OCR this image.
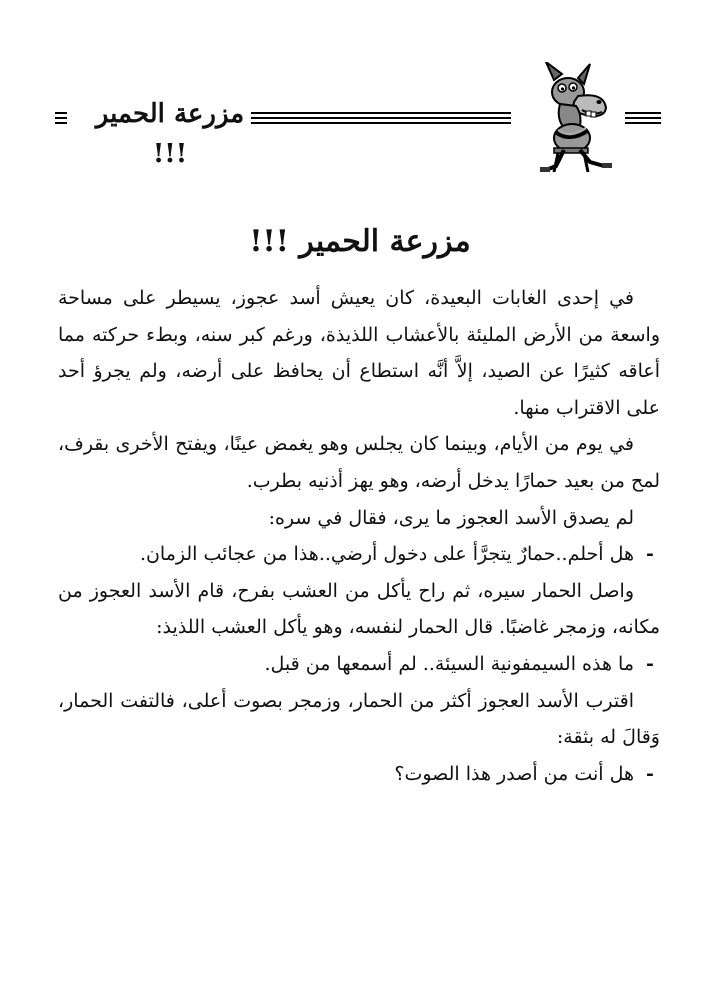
مزرعة الحمير !!!
مزرعة الحمير !!!

في إحدى الغابات البعيدة، كان يعيش أسد عجوز، يسيطر على مساحة واسعة من الأرض المليئة بالأعشاب اللذيذة، ورغم كبر سنه، وبطء حركته مما أعاقه كثيرًا عن الصيد، إلاَّ أنَّه استطاع أن يحافظ على أرضه، ولم يجرؤ أحد على الاقتراب منها.

في يوم من الأيام، وبينما كان يجلس وهو يغمض عينًا، ويفتح الأخرى بقرف، لمح من بعيد حمارًا يدخل أرضه، وهو يهز أذنيه بطرب.

لم يصدق الأسد العجوز ما يرى، فقال في سره:

-
هل أحلم..حمارٌ يتجرَّأ على دخول أرضي..هذا من عجائب الزمان.

واصل الحمار سيره، ثم راح يأكل من العشب بفرح، قام الأسد العجوز من مكانه، وزمجر غاضبًا. قال الحمار لنفسه، وهو يأكل العشب اللذيذ:

-
ما هذه السيمفونية السيئة.. لم أسمعها من قبل.

اقترب الأسد العجوز أكثر من الحمار، وزمجر بصوت أعلى، فالتفت الحمار، وَقالَ له بثقة:

-
هل أنت من أصدر هذا الصوت؟
